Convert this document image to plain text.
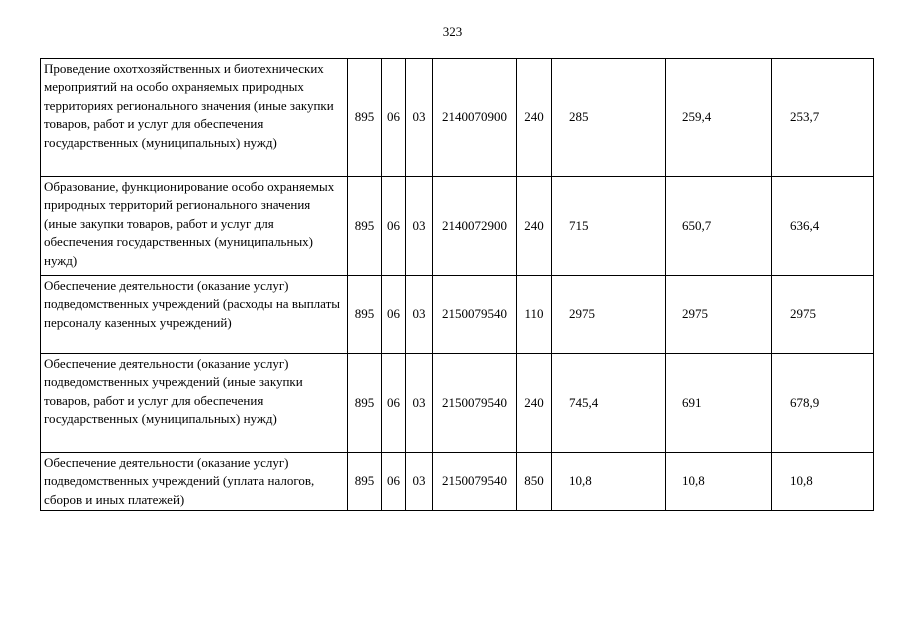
323
Проведение охотхозяйственных и биотехнических мероприятий на особо охраняемых природных территориях регионального значения (иные закупки товаров, работ и услуг для обеспечения государственных (муниципальных) нужд)	895	06	03	2140070900	240	285	259,4	253,7
Образование, функционирование особо охраняемых природных территорий регионального значения (иные закупки товаров, работ и услуг для обеспечения государственных (муниципальных) нужд)	895	06	03	2140072900	240	715	650,7	636,4
Обеспечение деятельности (оказание услуг) подведомственных учреждений (расходы на выплаты персоналу казенных учреждений)	895	06	03	2150079540	110	2975	2975	2975
Обеспечение деятельности (оказание услуг) подведомственных учреждений (иные закупки товаров, работ и услуг для обеспечения государственных (муниципальных) нужд)	895	06	03	2150079540	240	745,4	691	678,9
Обеспечение деятельности (оказание услуг) подведомственных учреждений (уплата налогов, сборов и иных платежей)	895	06	03	2150079540	850	10,8	10,8	10,8
